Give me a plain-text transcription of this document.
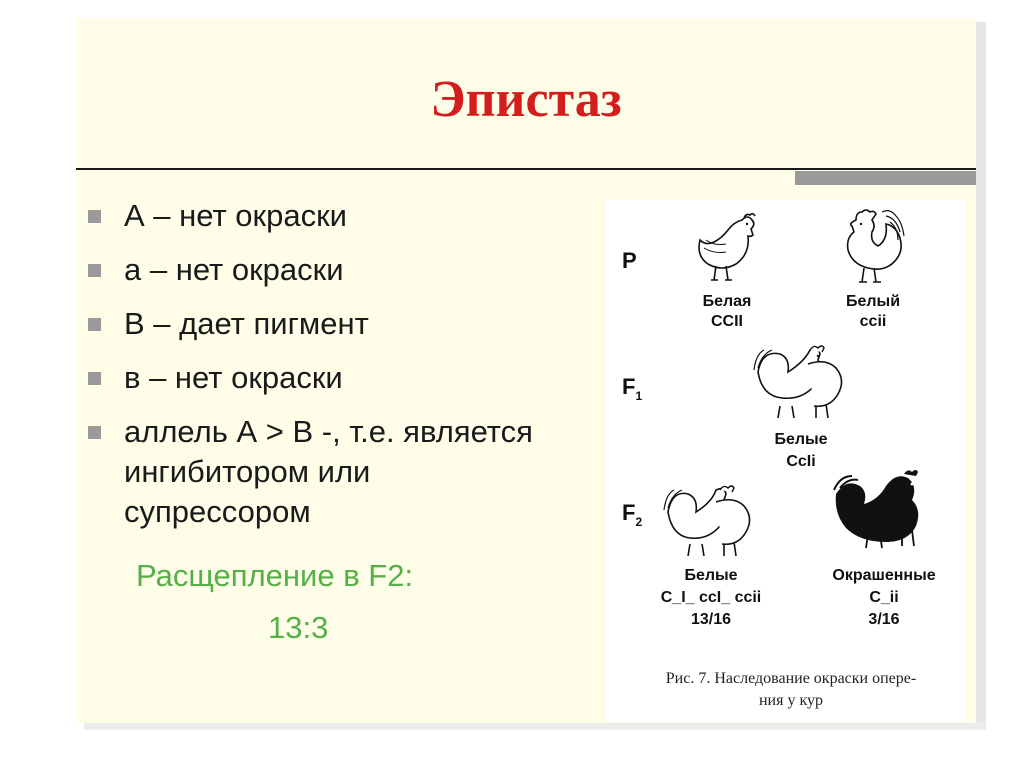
Эпистаз
А – нет окраски
а – нет окраски
В – дает пигмент
в – нет окраски
аллель А > В -, т.е. является ингибитором или супрессором
Расщепление в F2:
13:3
P
$F_1$
$F_2$
Белая
CCII
Белый
ccii
Белые
CcIi
Белые
C_I_ ccI_ ccii
13/16
Окрашенные
C_ii
3/16
Рис. 7. Наследование окраски опере-
ния у кур
